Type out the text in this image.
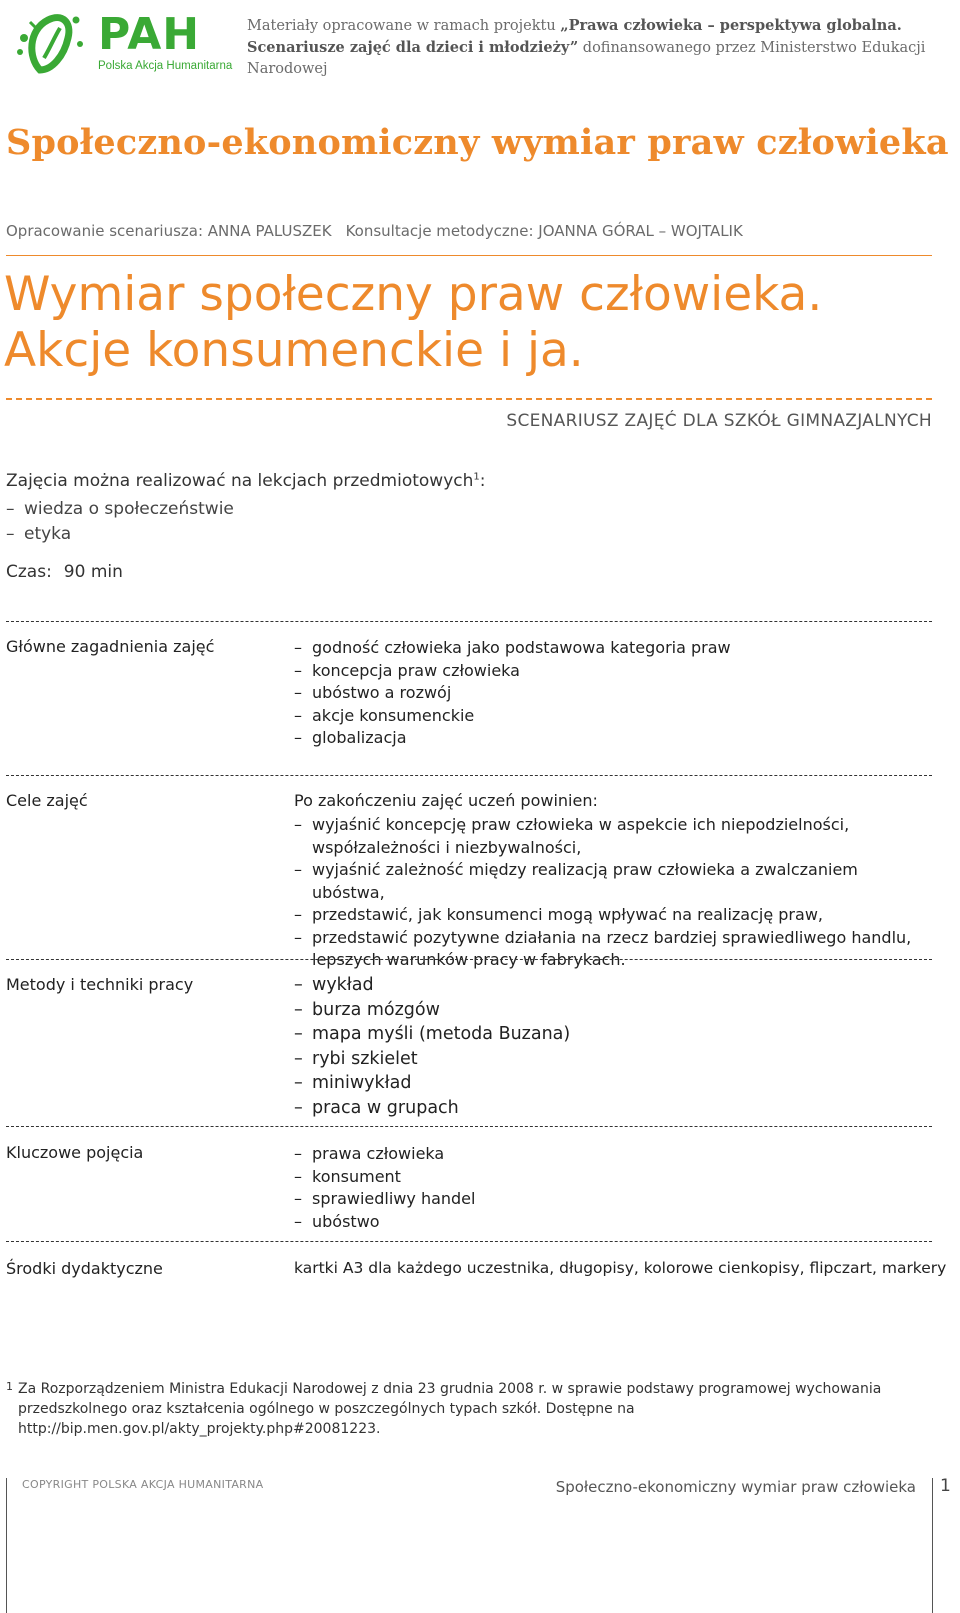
PAH
Polska Akcja Humanitarna
Materiały opracowane w ramach projektu „Prawa człowieka – perspektywa globalna. Scenariusze zajęć dla dzieci i młodzieży” dofinansowanego przez Ministerstwo Edukacji Narodowej
Społeczno-ekonomiczny wymiar praw człowieka
Opracowanie scenariusza: ANNA PALUSZEK Konsultacje metodyczne: JOANNA GÓRAL – WOJTALIK
Wymiar społeczny praw człowieka.
Akcje konsumenckie i ja.
SCENARIUSZ ZAJĘĆ DLA SZKÓŁ GIMNAZJALNYCH
Zajęcia można realizować na lekcjach przedmiotowych$^1$:
– wiedza o społeczeństwie
– etyka
Czas: 90 min
Główne zagadnienia zajęć	– godność człowieka jako podstawowa kategoria praw
– koncepcja praw człowieka
– ubóstwo a rozwój
– akcje konsumenckie
– globalizacja
Cele zajęć	Po zakończeniu zajęć uczeń powinien:
– wyjaśnić koncepcję praw człowieka w aspekcie ich niepodzielności, współzależności i niezbywalności,
– wyjaśnić zależność między realizacją praw człowieka a zwalczaniem ubóstwa,
– przedstawić, jak konsumenci mogą wpływać na realizację praw,
– przedstawić pozytywne działania na rzecz bardziej sprawiedliwego handlu, lepszych warunków pracy w fabrykach.
Metody i techniki pracy	– wykład
– burza mózgów
– mapa myśli (metoda Buzana)
– rybi szkielet
– miniwykład
– praca w grupach
Kluczowe pojęcia	– prawa człowieka
– konsument
– sprawiedliwy handel
– ubóstwo
Środki dydaktyczne	kartki A3 dla każdego uczestnika, długopisy, kolorowe cienkopisy, flipczart, markery
1 Za Rozporządzeniem Ministra Edukacji Narodowej z dnia 23 grudnia 2008 r. w sprawie podstawy programowej wychowania przedszkolnego oraz kształcenia ogólnego w poszczególnych typach szkół. Dostępne na http://bip.men.gov.pl/akty_projekty.php#20081223.
COPYRIGHT POLSKA AKCJA HUMANITARNA	Społeczno-ekonomiczny wymiar praw człowieka 1
